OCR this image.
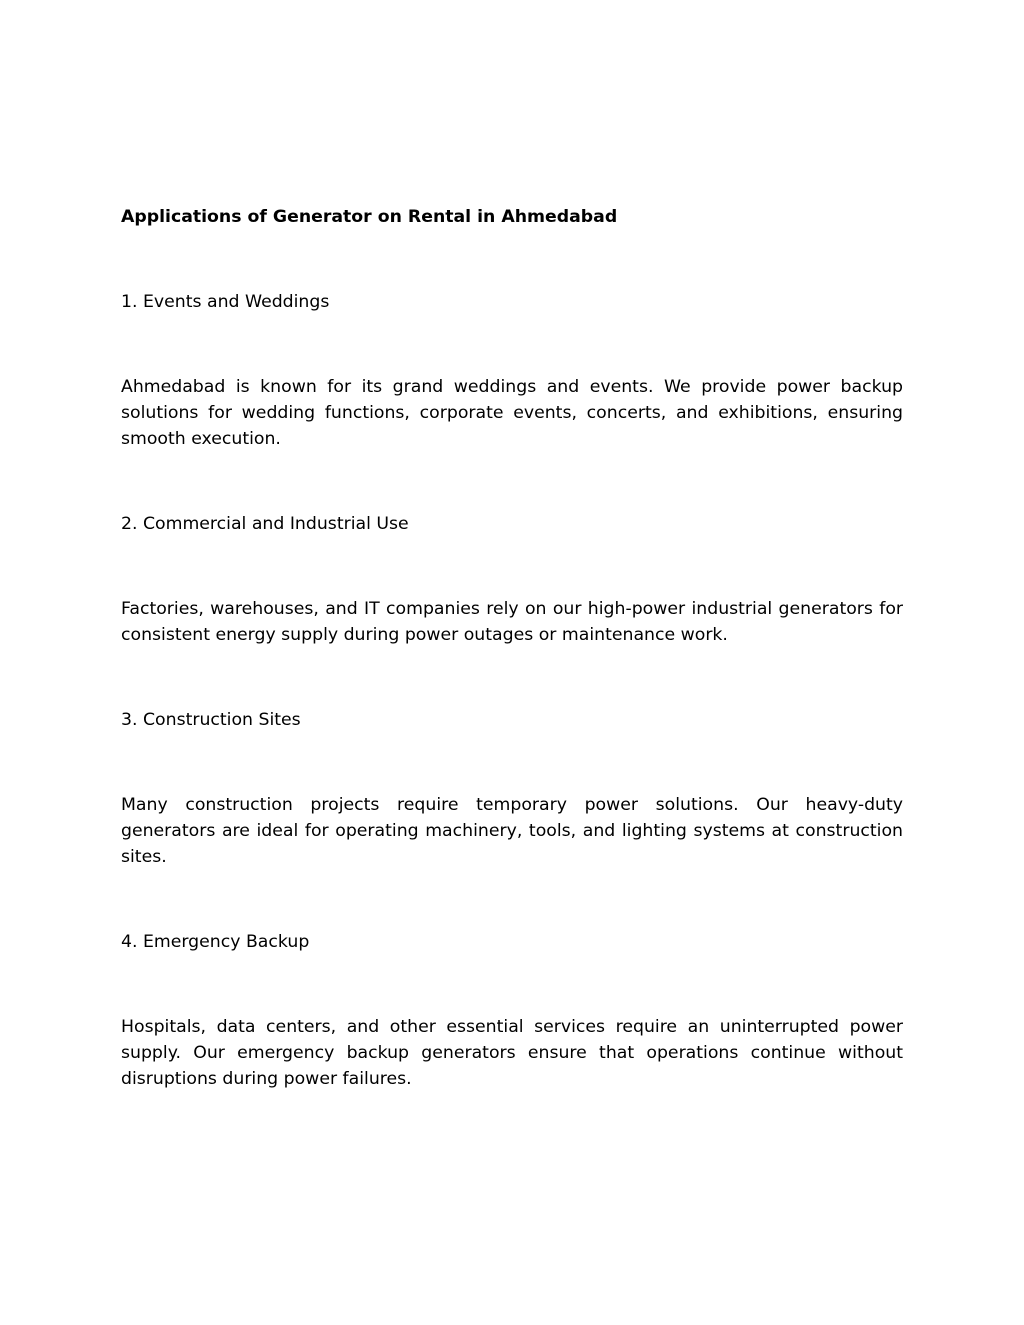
Applications of Generator on Rental in Ahmedabad
1. Events and Weddings

Ahmedabad is known for its grand weddings and events. We provide power backup solutions for wedding functions, corporate events, concerts, and exhibitions, ensuring smooth execution.

2. Commercial and Industrial Use

Factories, warehouses, and IT companies rely on our high-power industrial generators for consistent energy supply during power outages or maintenance work.

3. Construction Sites

Many construction projects require temporary power solutions. Our heavy-duty generators are ideal for operating machinery, tools, and lighting systems at construction sites.

4. Emergency Backup

Hospitals, data centers, and other essential services require an uninterrupted power supply. Our emergency backup generators ensure that operations continue without disruptions during power failures.
